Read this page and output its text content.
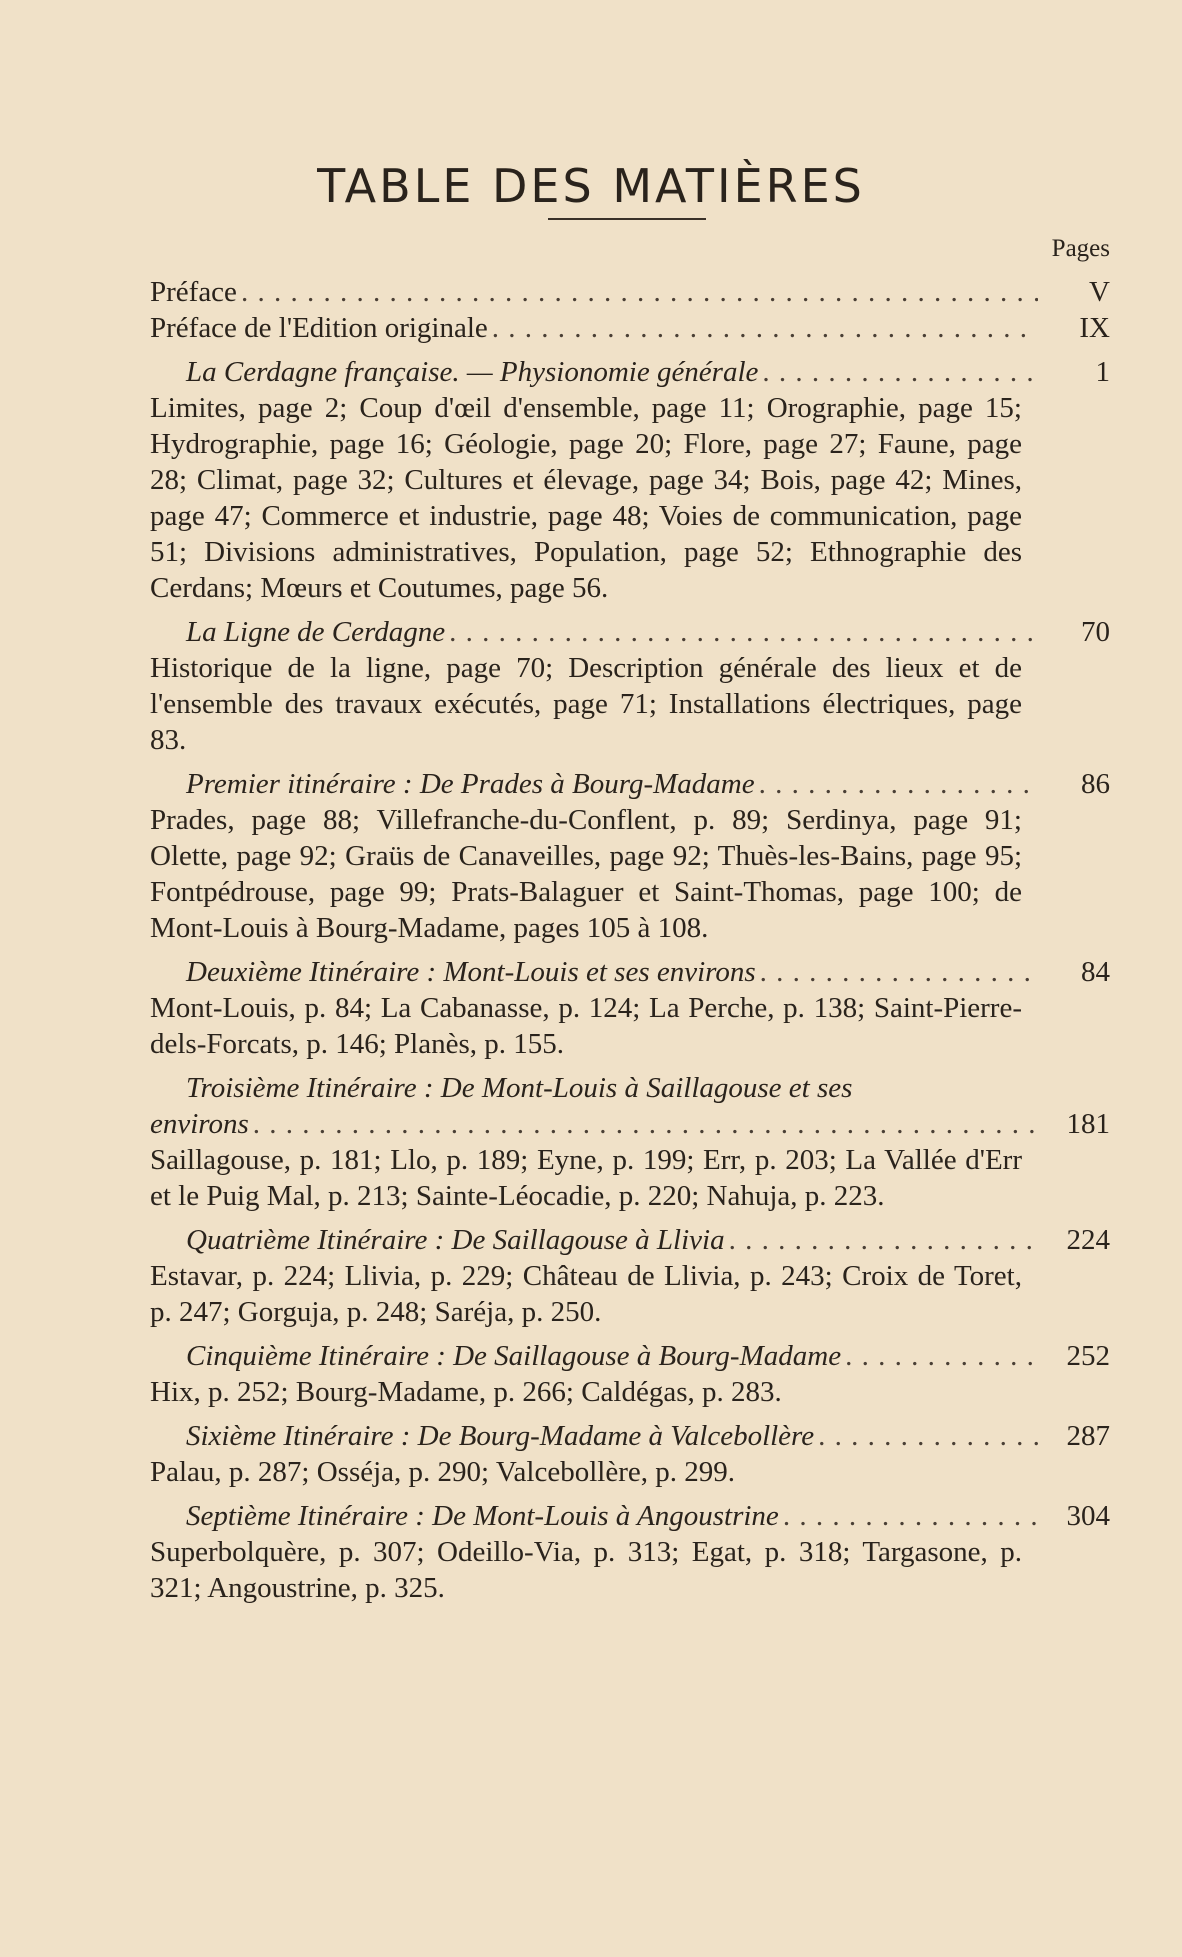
TABLE DES MATIÈRES
Pages
Préface . . .	V
Préface de l'Edition originale . . .	IX
La Cerdagne française. — Physionomie générale . . .	1
Limites, page 2; Coup d'œil d'ensemble, page 11; Orographie, page 15; Hydrographie, page 16; Géologie, page 20; Flore, page 27; Faune, page 28; Climat, page 32; Cultures et élevage, page 34; Bois, page 42; Mines, page 47; Commerce et industrie, page 48; Voies de communication, page 51; Divisions administratives, Population, page 52; Ethnographie des Cerdans; Mœurs et Coutumes, page 56.
La Ligne de Cerdagne . . .	70
Historique de la ligne, page 70; Description générale des lieux et de l'ensemble des travaux exécutés, page 71; Installations électriques, page 83.
Premier itinéraire : De Prades à Bourg-Madame . . .	86
Prades, page 88; Villefranche-du-Conflent, p. 89; Serdinya, page 91; Olette, page 92; Graüs de Canaveilles, page 92; Thuès-les-Bains, page 95; Fontpédrouse, page 99; Prats-Balaguer et Saint-Thomas, page 100; de Mont-Louis à Bourg-Madame, pages 105 à 108.
Deuxième Itinéraire : Mont-Louis et ses environs . . .	84
Mont-Louis, p. 84; La Cabanasse, p. 124; La Perche, p. 138; Saint-Pierre-dels-Forcats, p. 146; Planès, p. 155.
Troisième Itinéraire : De Mont-Louis à Saillagouse et ses
environs . . .	181
Saillagouse, p. 181; Llo, p. 189; Eyne, p. 199; Err, p. 203; La Vallée d'Err et le Puig Mal, p. 213; Sainte-Léocadie, p. 220; Nahuja, p. 223.
Quatrième Itinéraire : De Saillagouse à Llivia . . .	224
Estavar, p. 224; Llivia, p. 229; Château de Llivia, p. 243; Croix de Toret, p. 247; Gorguja, p. 248; Saréja, p. 250.
Cinquième Itinéraire : De Saillagouse à Bourg-Madame . . .	252
Hix, p. 252; Bourg-Madame, p. 266; Caldégas, p. 283.
Sixième Itinéraire : De Bourg-Madame à Valcebollère . . .	287
Palau, p. 287; Osséja, p. 290; Valcebollère, p. 299.
Septième Itinéraire : De Mont-Louis à Angoustrine . . .	304
Superbolquère, p. 307; Odeillo-Via, p. 313; Egat, p. 318; Targasone, p. 321; Angoustrine, p. 325.
